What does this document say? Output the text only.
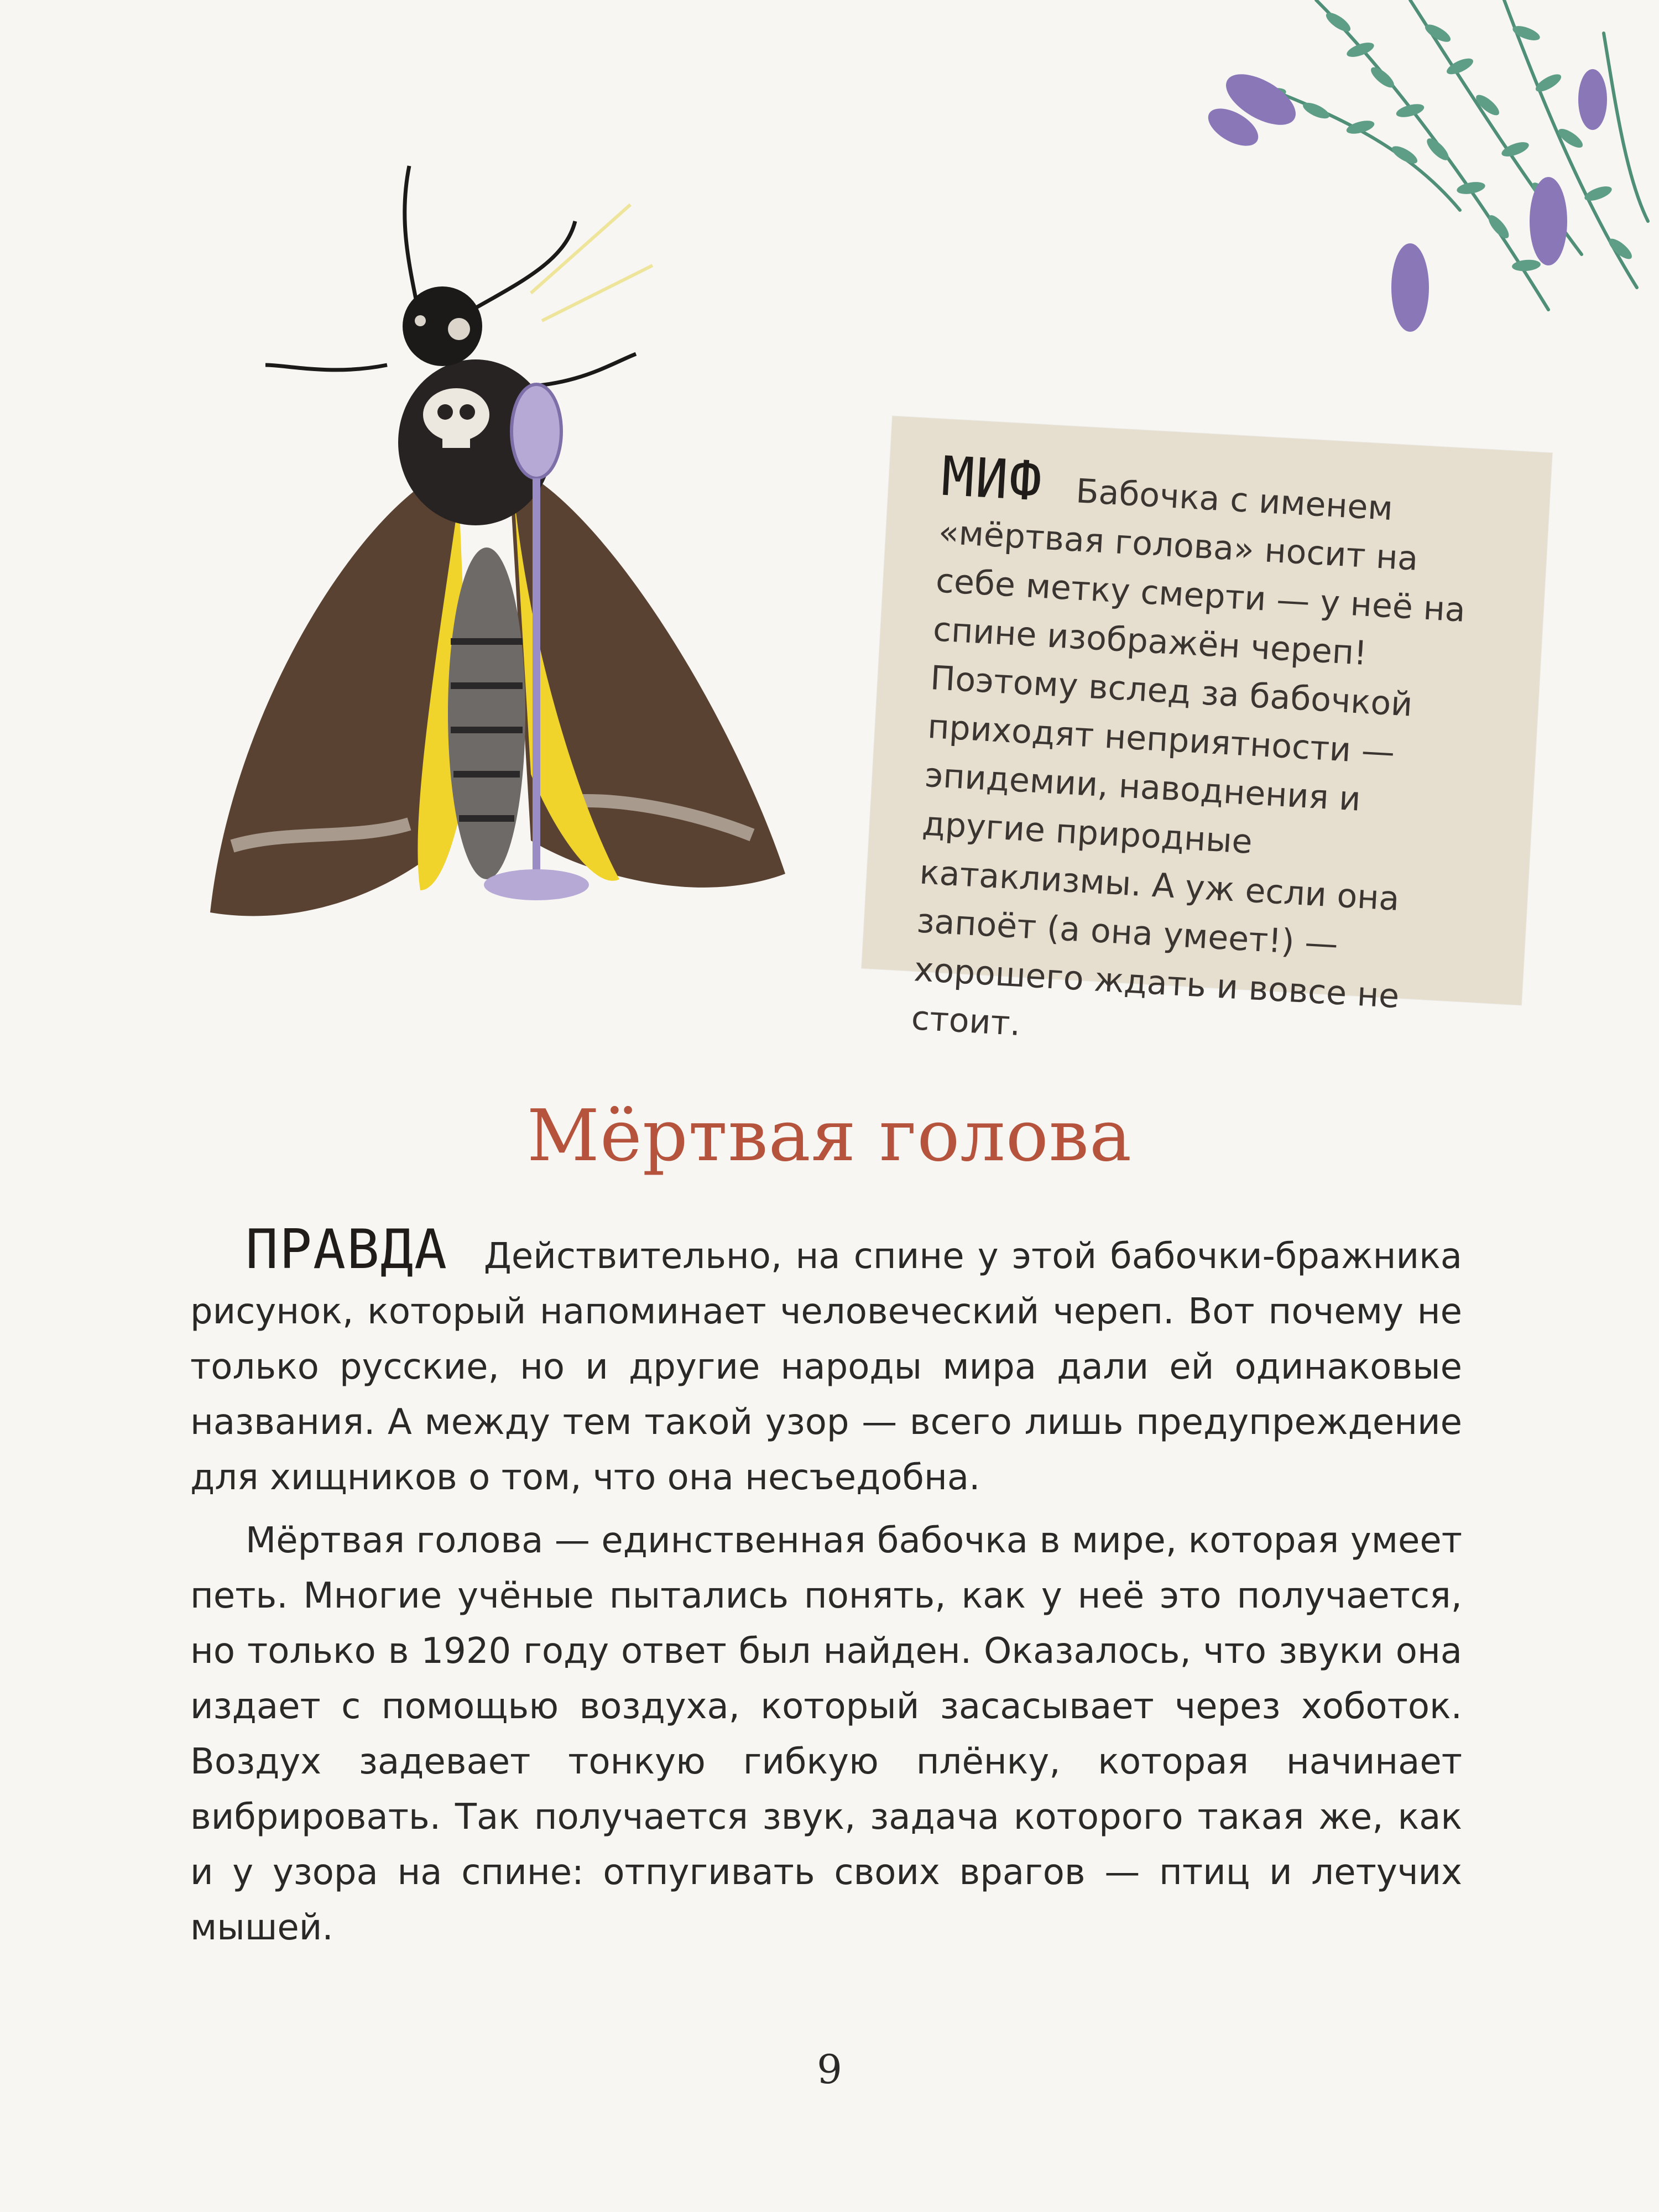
МИФ Бабочка с именем «мёртвая голова» носит на себе метку смерти — у неё на спине изображён череп! Поэтому вслед за бабочкой приходят неприятности — эпидемии, наводнения и другие природные катаклизмы. А уж если она запоёт (а она умеет!) — хорошего ждать и вовсе не стоит.
Мёртвая голова

ПРАВДА Действительно, на спине у этой бабочки-бражника рисунок, который напоминает человеческий череп. Вот почему не только русские, но и другие народы мира дали ей одинаковые названия. А между тем такой узор — всего лишь предупреждение для хищников о том, что она несъедобна.

Мёртвая голова — единственная бабочка в мире, которая умеет петь. Многие учёные пытались понять, как у неё это получается, но только в 1920 году ответ был найден. Оказалось, что звуки она издает с помощью воздуха, который засасывает через хоботок. Воздух задевает тонкую гибкую плёнку, которая начинает вибрировать. Так получается звук, задача которого такая же, как и у узора на спине: отпугивать своих врагов — птиц и летучих мышей.

9
